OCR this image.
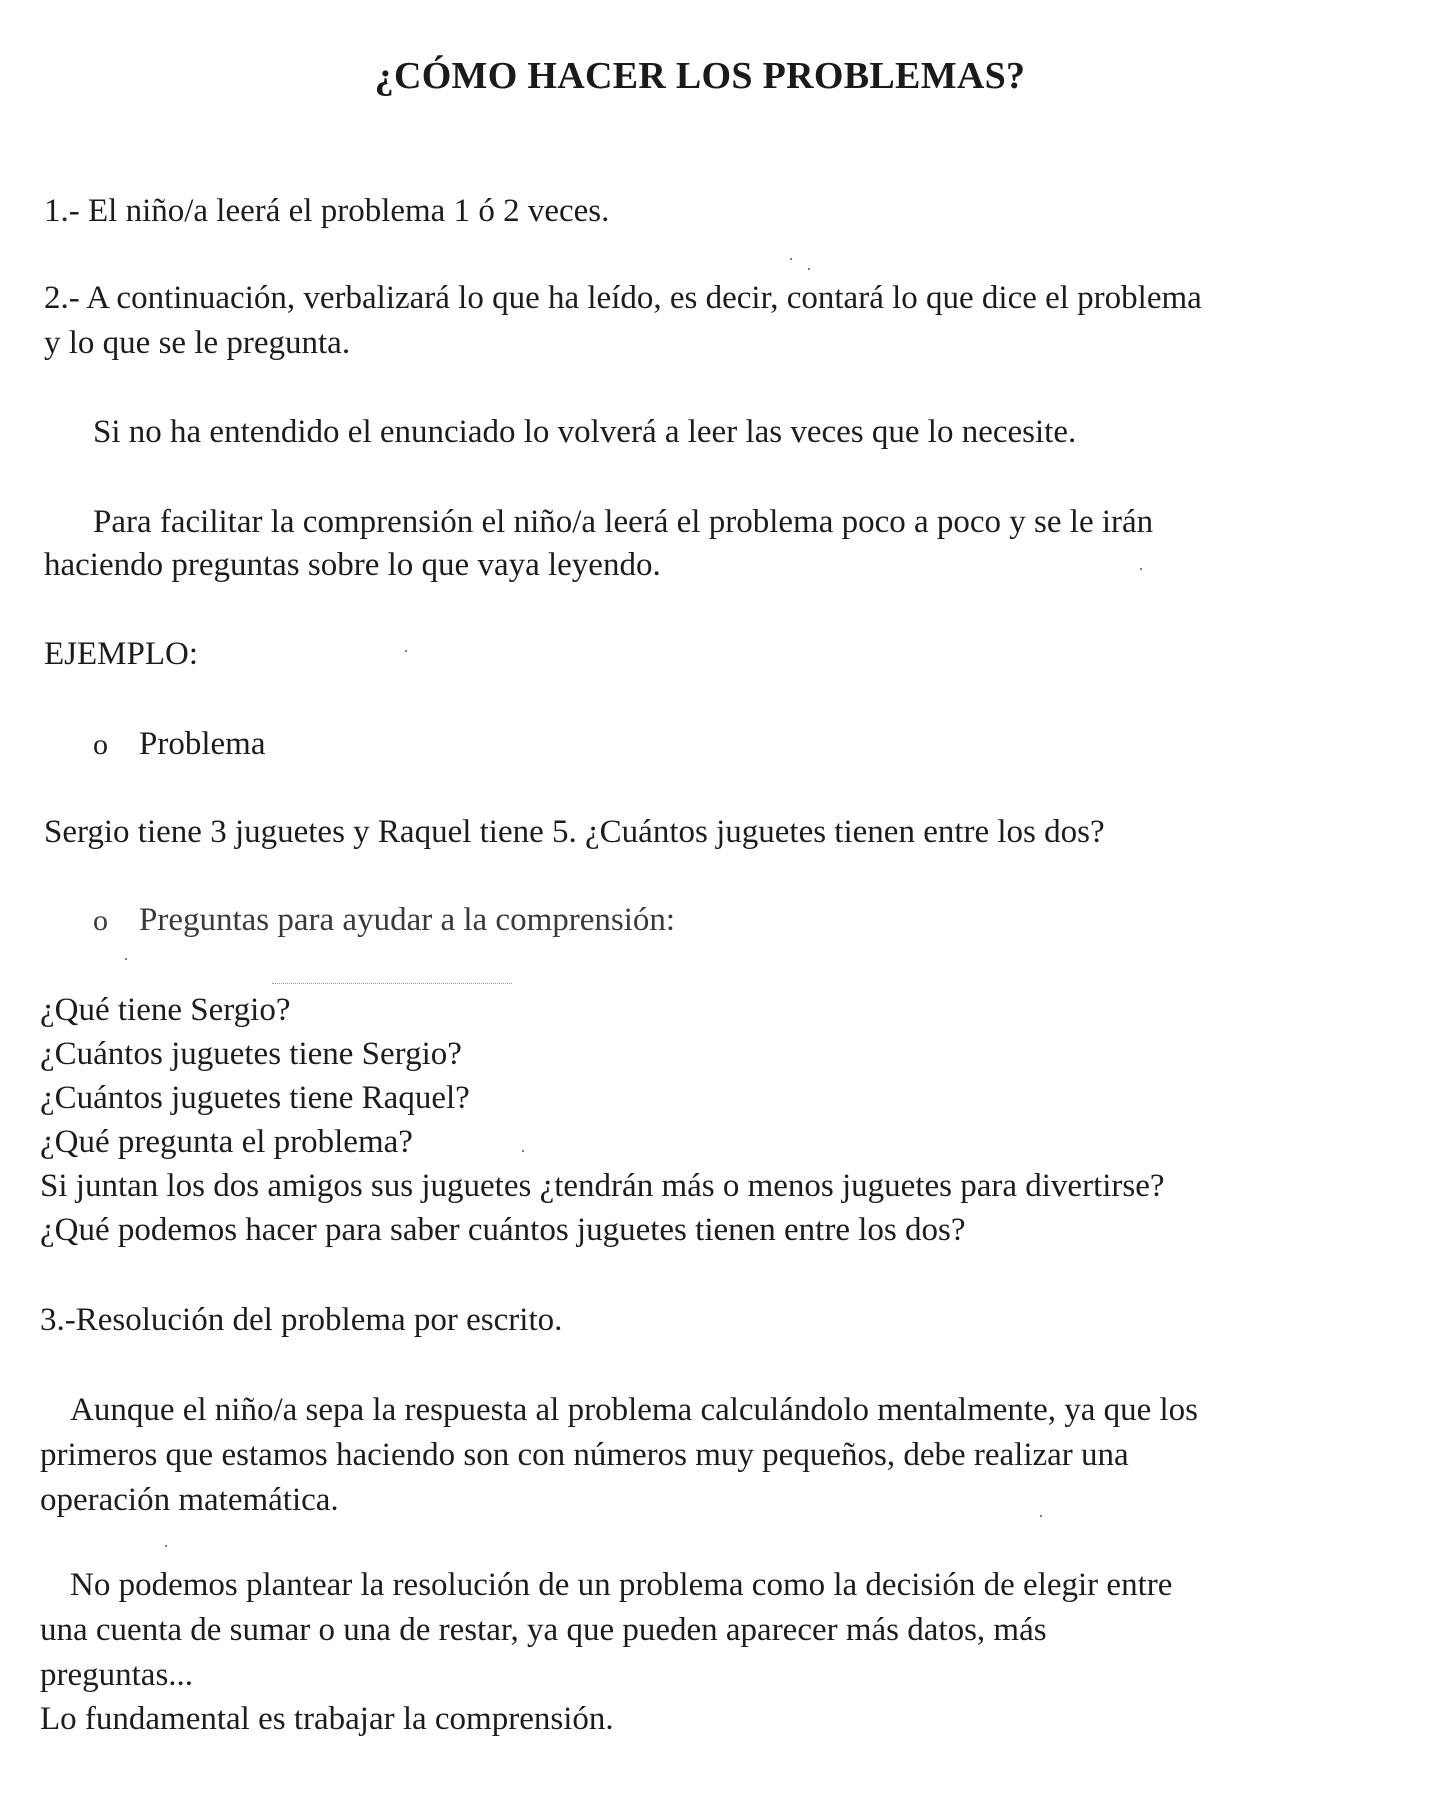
¿CÓMO HACER LOS PROBLEMAS?
1.- El niño/a leerá el problema 1 ó 2 veces.
2.- A continuación, verbalizará lo que ha leído, es decir, contará lo que dice el problema
y lo que se le pregunta.
Si no ha entendido el enunciado lo volverá a leer las veces que lo necesite.
Para facilitar la comprensión el niño/a leerá el problema poco a poco y se le irán
haciendo preguntas sobre lo que vaya leyendo.
EJEMPLO:
o Problema
Sergio tiene 3 juguetes y Raquel tiene 5. ¿Cuántos juguetes tienen entre los dos?
o Preguntas para ayudar a la comprensión:
¿Qué tiene Sergio?
¿Cuántos juguetes tiene Sergio?
¿Cuántos juguetes tiene Raquel?
¿Qué pregunta el problema?
Si juntan los dos amigos sus juguetes ¿tendrán más o menos juguetes para divertirse?
¿Qué podemos hacer para saber cuántos juguetes tienen entre los dos?
3.-Resolución del problema por escrito.
Aunque el niño/a sepa la respuesta al problema calculándolo mentalmente, ya que los
primeros que estamos haciendo son con números muy pequeños, debe realizar una
operación matemática.
No podemos plantear la resolución de un problema como la decisión de elegir entre
una cuenta de sumar o una de restar, ya que pueden aparecer más datos, más
preguntas...
Lo fundamental es trabajar la comprensión.
